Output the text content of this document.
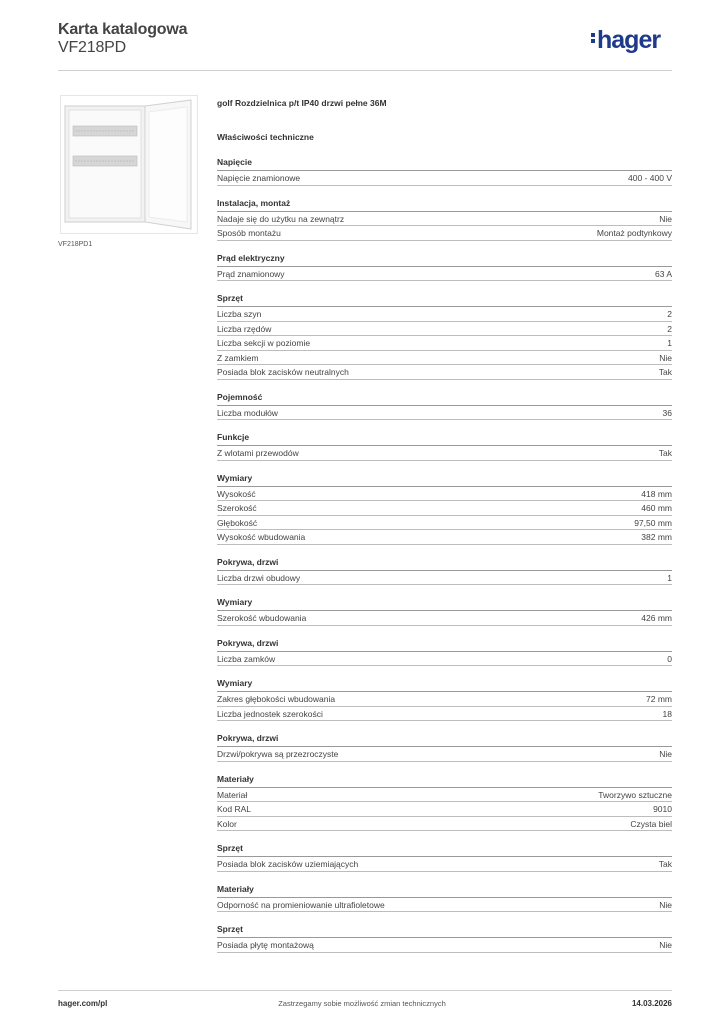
Karta katalogowa
VF218PD	hager
VF218PD1
golf Rozdzielnica p/t IP40 drzwi pełne 36M
Właściwości techniczne
Napięcie
Napięcie znamionowe	400 - 400 V
Instalacja, montaż
Nadaje się do użytku na zewnątrz	Nie
Sposób montażu	Montaż podtynkowy
Prąd elektryczny
Prąd znamionowy	63 A
Sprzęt
Liczba szyn	2
Liczba rzędów	2
Liczba sekcji w poziomie	1
Z zamkiem	Nie
Posiada blok zacisków neutralnych	Tak
Pojemność
Liczba modułów	36
Funkcje
Z wlotami przewodów	Tak
Wymiary
Wysokość	418 mm
Szerokość	460 mm
Głębokość	97,50 mm
Wysokość wbudowania	382 mm
Pokrywa, drzwi
Liczba drzwi obudowy	1
Wymiary
Szerokość wbudowania	426 mm
Pokrywa, drzwi
Liczba zamków	0
Wymiary
Zakres głębokości wbudowania	72 mm
Liczba jednostek szerokości	18
Pokrywa, drzwi
Drzwi/pokrywa są przezroczyste	Nie
Materiały
Materiał	Tworzywo sztuczne
Kod RAL	9010
Kolor	Czysta biel
Sprzęt
Posiada blok zacisków uziemiających	Tak
Materiały
Odporność na promieniowanie ultrafioletowe	Nie
Sprzęt
Posiada płytę montażową	Nie
hager.com/pl	Zastrzegamy sobie możliwość zmian technicznych	14.03.2026
